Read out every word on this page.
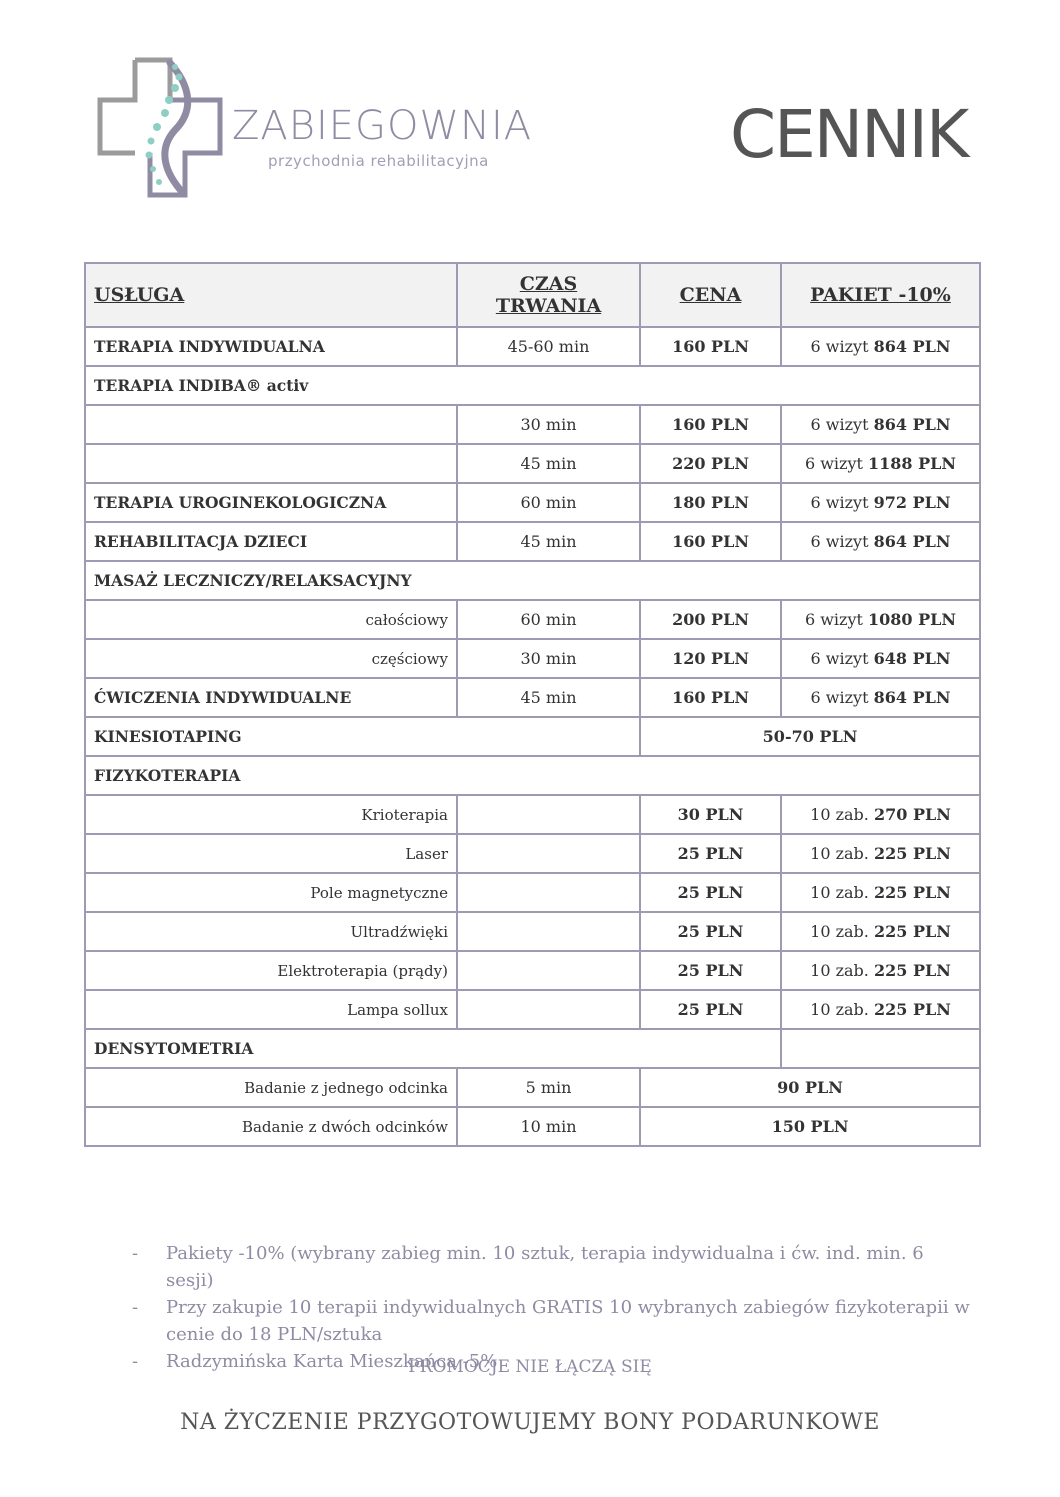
ZABIEGOWNIA
przychodnia rehabilitacyjna	CENNIK
USŁUGA	CZAS TRWANIA	CENA	PAKIET -10%
TERAPIA INDYWIDUALNA	45-60 min	160 PLN	6 wizyt 864 PLN
TERAPIA INDIBA® activ			
	30 min	160 PLN	6 wizyt 864 PLN
	45 min	220 PLN	6 wizyt 1188 PLN
TERAPIA UROGINEKOLOGICZNA	60 min	180 PLN	6 wizyt 972 PLN
REHABILITACJA DZIECI	45 min	160 PLN	6 wizyt 864 PLN
MASAŻ LECZNICZY/RELAKSACYJNY			
całościowy	60 min	200 PLN	6 wizyt 1080 PLN
częściowy	30 min	120 PLN	6 wizyt 648 PLN
ĆWICZENIA INDYWIDUALNE	45 min	160 PLN	6 wizyt 864 PLN
KINESIOTAPING		50-70 PLN	
FIZYKOTERAPIA			
Krioterapia		30 PLN	10 zab. 270 PLN
Laser		25 PLN	10 zab. 225 PLN
Pole magnetyczne		25 PLN	10 zab. 225 PLN
Ultradźwięki		25 PLN	10 zab. 225 PLN
Elektroterapia (prądy)		25 PLN	10 zab. 225 PLN
Lampa sollux		25 PLN	10 zab. 225 PLN
DENSYTOMETRIA			
Badanie z jednego odcinka	5 min	90 PLN	
Badanie z dwóch odcinków	10 min	150 PLN	
- Pakiety -10% (wybrany zabieg min. 10 sztuk, terapia indywidualna i ćw. ind. min. 6 sesji)
- Przy zakupie 10 terapii indywidualnych GRATIS 10 wybranych zabiegów fizykoterapii w cenie do 18 PLN/sztuka
- Radzymińska Karta Mieszkańca -5%
PROMOCJE NIE ŁĄCZĄ SIĘ
NA ŻYCZENIE PRZYGOTOWUJEMY BONY PODARUNKOWE
